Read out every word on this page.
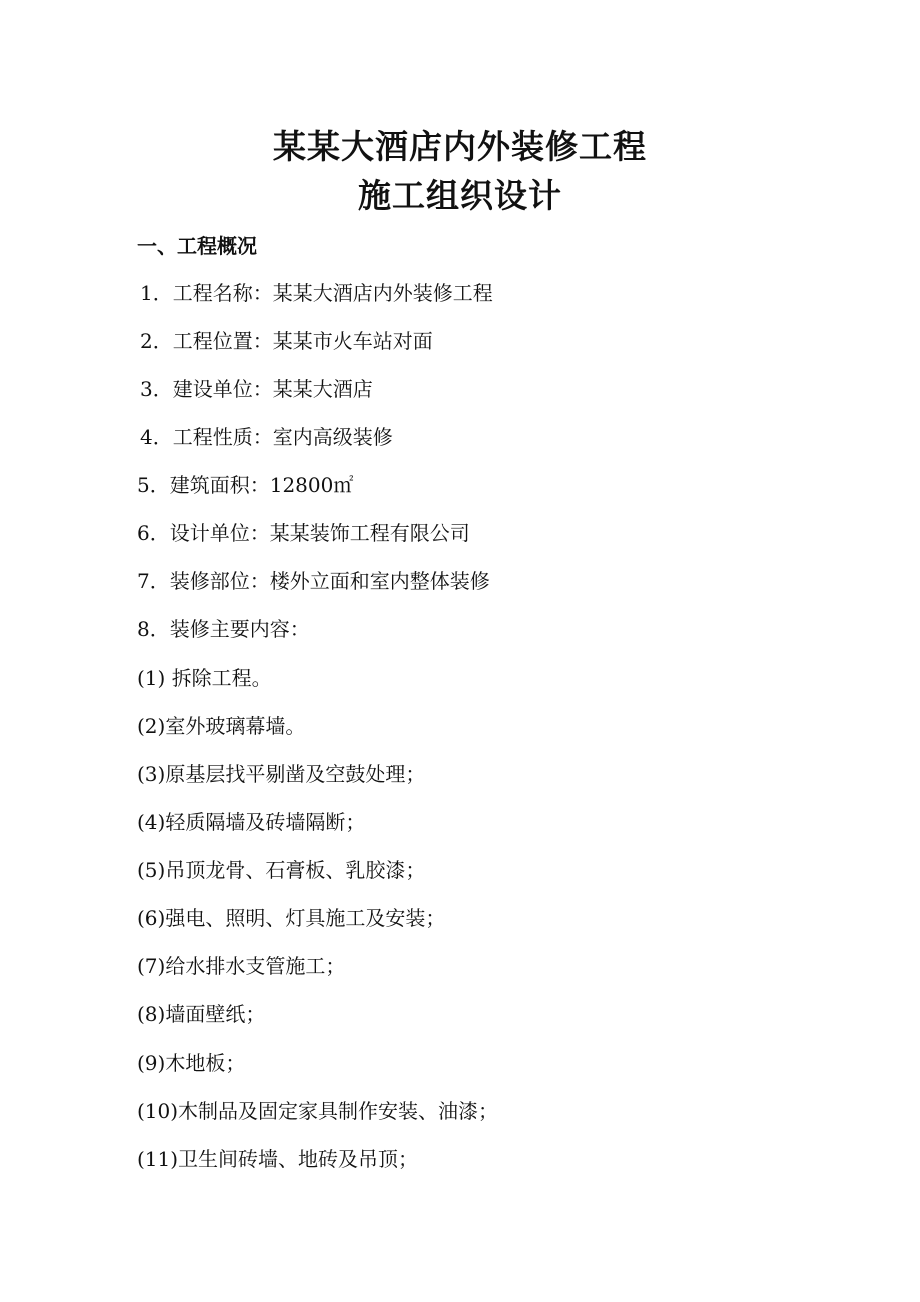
某某大酒店内外装修工程
施工组织设计
一、工程概况
1．工程名称：某某大酒店内外装修工程
2．工程位置：某某市火车站对面
3．建设单位：某某大酒店
4．工程性质：室内高级装修
5．建筑面积：12800㎡
6．设计单位：某某装饰工程有限公司
7．装修部位：楼外立面和室内整体装修
8．装修主要内容：
(1) 拆除工程。
(2)室外玻璃幕墙。
(3)原基层找平剔凿及空鼓处理；
(4)轻质隔墙及砖墙隔断；
(5)吊顶龙骨、石膏板、乳胶漆；
(6)强电、照明、灯具施工及安装；
(7)给水排水支管施工；
(8)墙面壁纸；
(9)木地板；
(10)木制品及固定家具制作安装、油漆；
(11)卫生间砖墙、地砖及吊顶；
